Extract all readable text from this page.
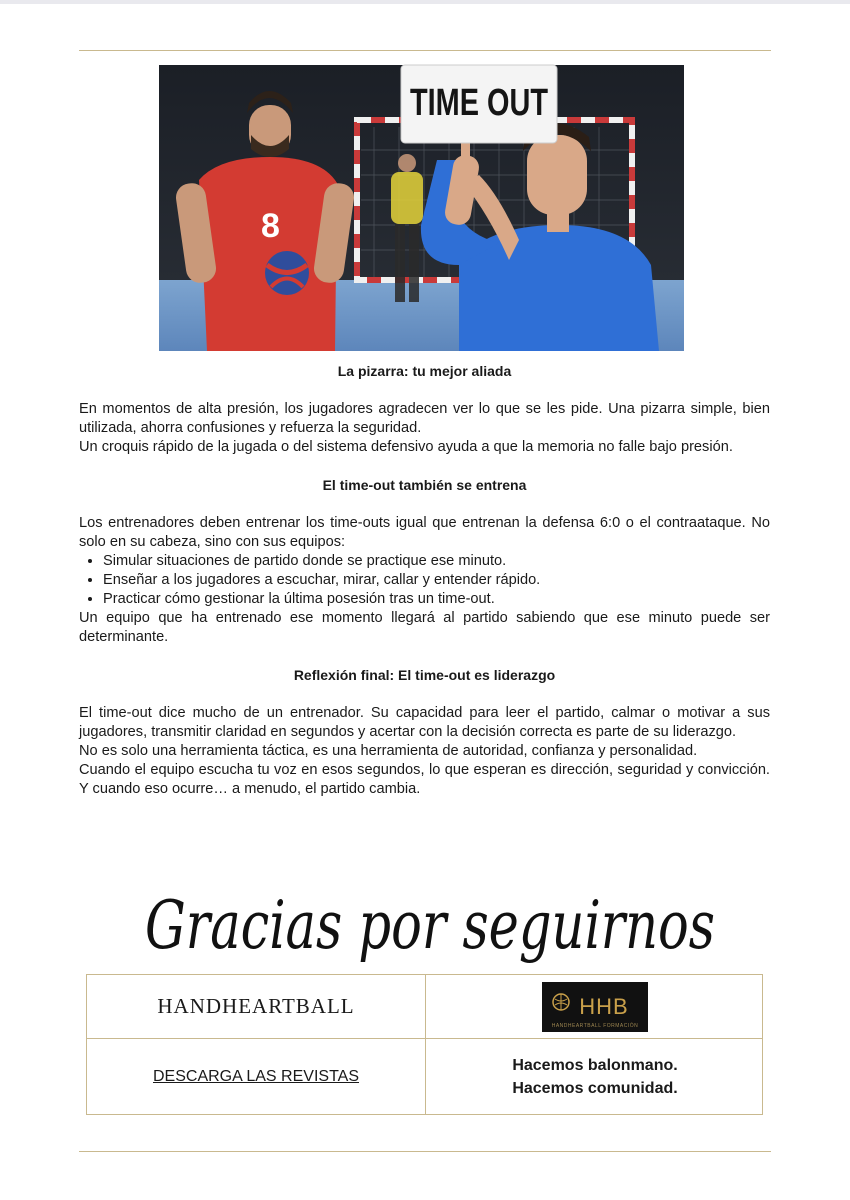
8
TIME OUT

La pizarra: tu mejor aliada

En momentos de alta presión, los jugadores agradecen ver lo que se les pide. Una pizarra simple, bien utilizada, ahorra confusiones y refuerza la seguridad.

Un croquis rápido de la jugada o del sistema defensivo ayuda a que la memoria no falle bajo presión.

El time-out también se entrena

Los entrenadores deben entrenar los time-outs igual que entrenan la defensa 6:0 o el contraataque. No solo en su cabeza, sino con sus equipos:

• Simular situaciones de partido donde se practique ese minuto.
• Enseñar a los jugadores a escuchar, mirar, callar y entender rápido.
• Practicar cómo gestionar la última posesión tras un time-out.

Un equipo que ha entrenado ese momento llegará al partido sabiendo que ese minuto puede ser determinante.

Reflexión final: El time-out es liderazgo

El time-out dice mucho de un entrenador. Su capacidad para leer el partido, calmar o motivar a sus jugadores, transmitir claridad en segundos y acertar con la decisión correcta es parte de su liderazgo.

No es solo una herramienta táctica, es una herramienta de autoridad, confianza y personalidad.

Cuando el equipo escucha tu voz en esos segundos, lo que esperan es dirección, seguridad y convicción. Y cuando eso ocurre… a menudo, el partido cambia.

Gracias por seguirnos
HANDHEARTBALL	HHB
HANDHEARTBALL FORMACIÓN
DESCARGA LAS REVISTAS
Hacemos balonmano.
Hacemos comunidad.
